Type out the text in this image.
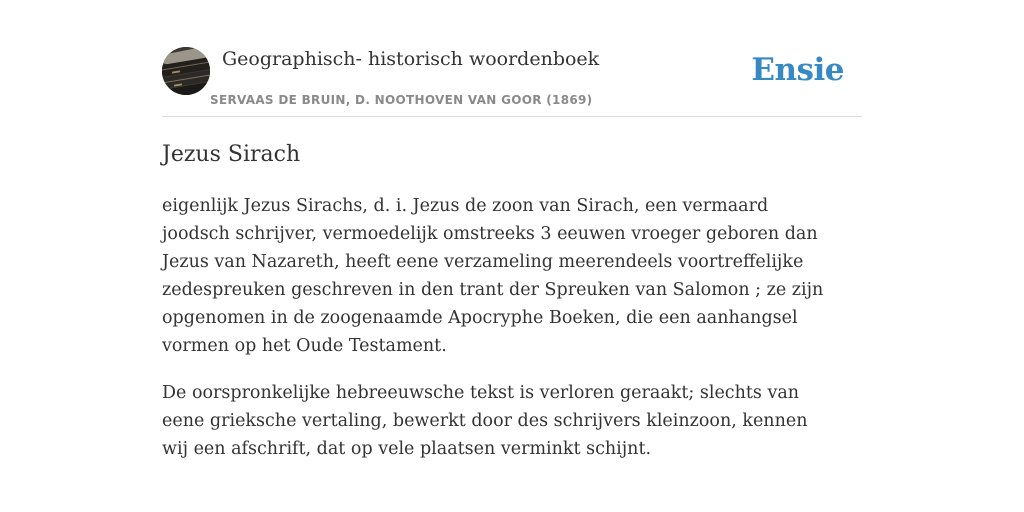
Geographisch- historisch woordenboek
SERVAAS DE BRUIN, D. NOOTHOVEN VAN GOOR (1869)
Ensie
Jezus Sirach

eigenlijk Jezus Sirachs, d. i. Jezus de zoon van Sirach, een vermaard joodsch schrijver, vermoedelijk omstreeks 3 eeuwen vroeger geboren dan Jezus van Nazareth, heeft eene verzameling meerendeels voortreffelijke zedespreuken geschreven in den trant der Spreuken van Salomon ; ze zijn opgenomen in de zoogenaamde Apocryphe Boeken, die een aanhangsel vormen op het Oude Testament.

De oorspronkelijke hebreeuwsche tekst is verloren geraakt; slechts van eene grieksche vertaling, bewerkt door des schrijvers kleinzoon, kennen wij een afschrift, dat op vele plaatsen verminkt schijnt.
